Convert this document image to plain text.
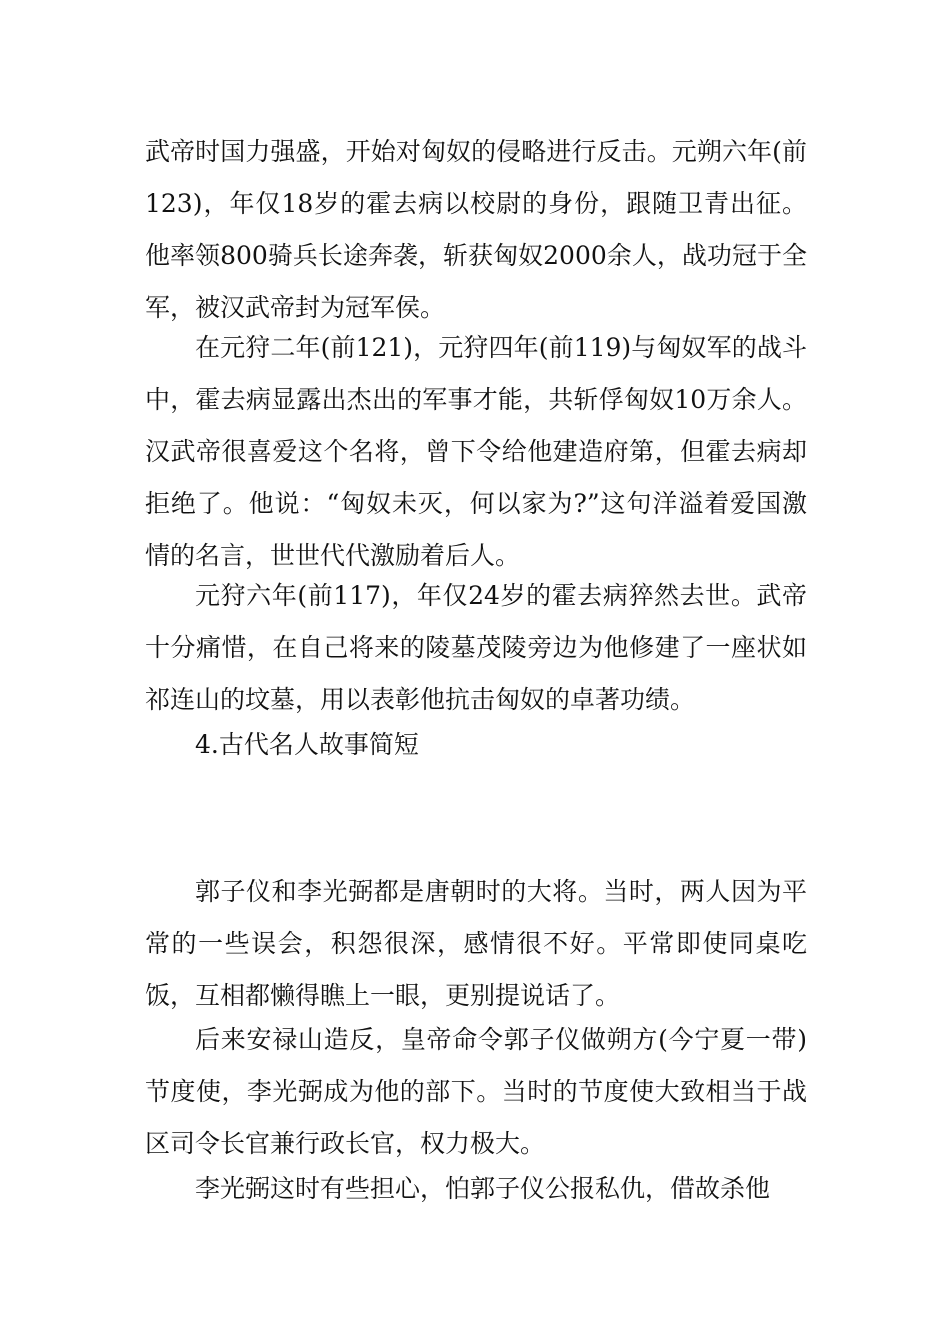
武帝时国力强盛，开始对匈奴的侵略进行反击。元朔六年(前123)，年仅18岁的霍去病以校尉的身份，跟随卫青出征。他率领800骑兵长途奔袭，斩获匈奴2000余人，战功冠于全军，被汉武帝封为冠军侯。

在元狩二年(前121)，元狩四年(前119)与匈奴军的战斗中，霍去病显露出杰出的军事才能，共斩俘匈奴10万余人。汉武帝很喜爱这个名将，曾下令给他建造府第，但霍去病却拒绝了。他说：“匈奴未灭，何以家为?”这句洋溢着爱国激情的名言，世世代代激励着后人。

元狩六年(前117)，年仅24岁的霍去病猝然去世。武帝十分痛惜，在自己将来的陵墓茂陵旁边为他修建了一座状如祁连山的坟墓，用以表彰他抗击匈奴的卓著功绩。

4.古代名人故事简短

郭子仪和李光弼都是唐朝时的大将。当时，两人因为平常的一些误会，积怨很深，感情很不好。平常即使同桌吃饭，互相都懒得瞧上一眼，更别提说话了。

后来安禄山造反，皇帝命令郭子仪做朔方(今宁夏一带)节度使，李光弼成为他的部下。当时的节度使大致相当于战区司令长官兼行政长官，权力极大。

李光弼这时有些担心，怕郭子仪公报私仇，借故杀他
